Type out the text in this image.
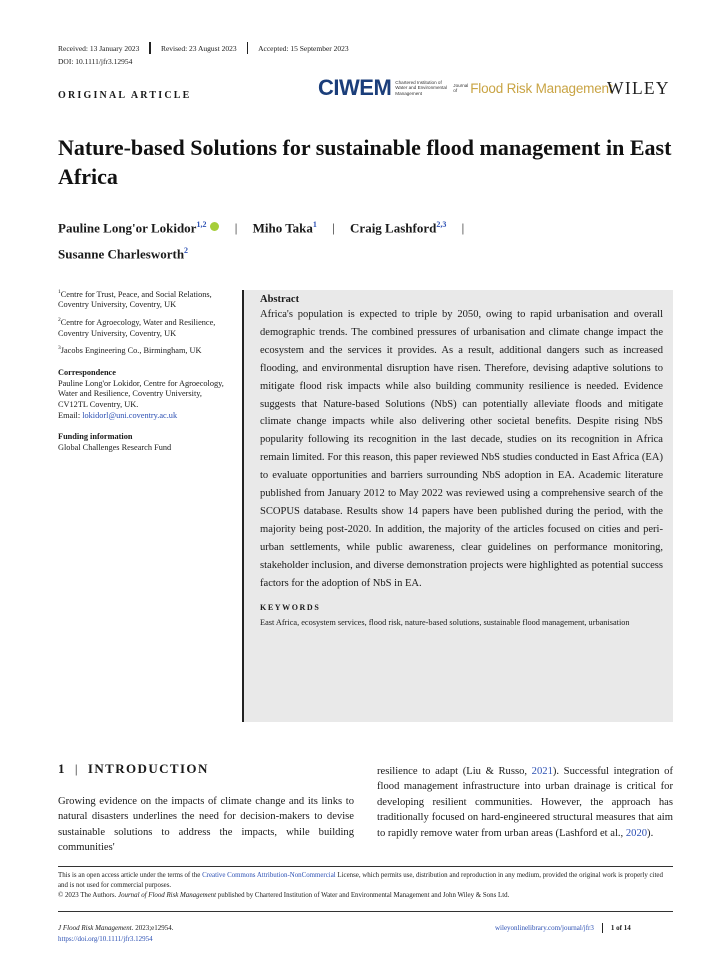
Received: 13 January 2023	Revised: 23 August 2023	Accepted: 15 September 2023
DOI: 10.1111/jfr3.12954
ORIGINAL ARTICLE	CIWEM Chartered Institution of Water and Environmental Management
Journal of Flood Risk Management
WILEY
Nature-based Solutions for sustainable flood management in East Africa
Pauline Long'or Lokidor$^{1,2}$ | Miho Taka$^1$ | Craig Lashford$^{2,3}$ |
Susanne Charlesworth$^2$

$^1$Centre for Trust, Peace, and Social Relations, Coventry University, Coventry, UK

$^2$Centre for Agroecology, Water and Resilience, Coventry University, Coventry, UK

$^3$Jacobs Engineering Co., Birmingham, UK

Correspondence

Pauline Long'or Lokidor, Centre for Agroecology, Water and Resilience, Coventry University, CV12TL Coventry, UK.
Email: lokidorl@uni.coventry.ac.uk

Funding information

Global Challenges Research Fund

Abstract

Africa's population is expected to triple by 2050, owing to rapid urbanisation and overall demographic trends. The combined pressures of urbanisation and climate change impact the ecosystem and the services it provides. As a result, additional dangers such as increased flooding, and environmental disruption have risen. Therefore, devising adaptive solutions to mitigate flood risk impacts while also building community resilience is needed. Evidence suggests that Nature-based Solutions (NbS) can potentially alleviate floods and mitigate climate change impacts while also delivering other societal benefits. Despite rising NbS popularity following its recognition in the last decade, studies on its recognition in Africa remain limited. For this reason, this paper reviewed NbS studies conducted in East Africa (EA) to evaluate opportunities and barriers surrounding NbS adoption in EA. Academic literature published from January 2012 to May 2022 was reviewed using a comprehensive search of the SCOPUS database. Results show 14 papers have been published during the period, with the majority being post-2020. In addition, the majority of the articles focused on cities and peri-urban settlements, while public awareness, clear guidelines on performance monitoring, stakeholder inclusion, and diverse demonstration projects were highlighted as potential success factors for the adoption of NbS in EA.

KEYWORDS

East Africa, ecosystem services, flood risk, nature-based solutions, sustainable flood management, urbanisation

1 | INTRODUCTION

Growing evidence on the impacts of climate change and its links to natural disasters underlines the need for decision-makers to devise sustainable solutions to address the impacts, while building communities'

resilience to adapt (Liu & Russo, 2021). Successful integration of flood management infrastructure into urban drainage is critical for developing resilient communities. However, the approach has traditionally focused on hard-engineered structural measures that aim to rapidly remove water from urban areas (Lashford et al., 2020).

This is an open access article under the terms of the Creative Commons Attribution-NonCommercial License, which permits use, distribution and reproduction in any medium, provided the original work is properly cited and is not used for commercial purposes.
© 2023 The Authors. Journal of Flood Risk Management published by Chartered Institution of Water and Environmental Management and John Wiley & Sons Ltd.

J Flood Risk Management. 2023;e12954.
https://doi.org/10.1111/jfr3.12954
wileyonlinelibrary.com/journal/jfr3 1 of 14
